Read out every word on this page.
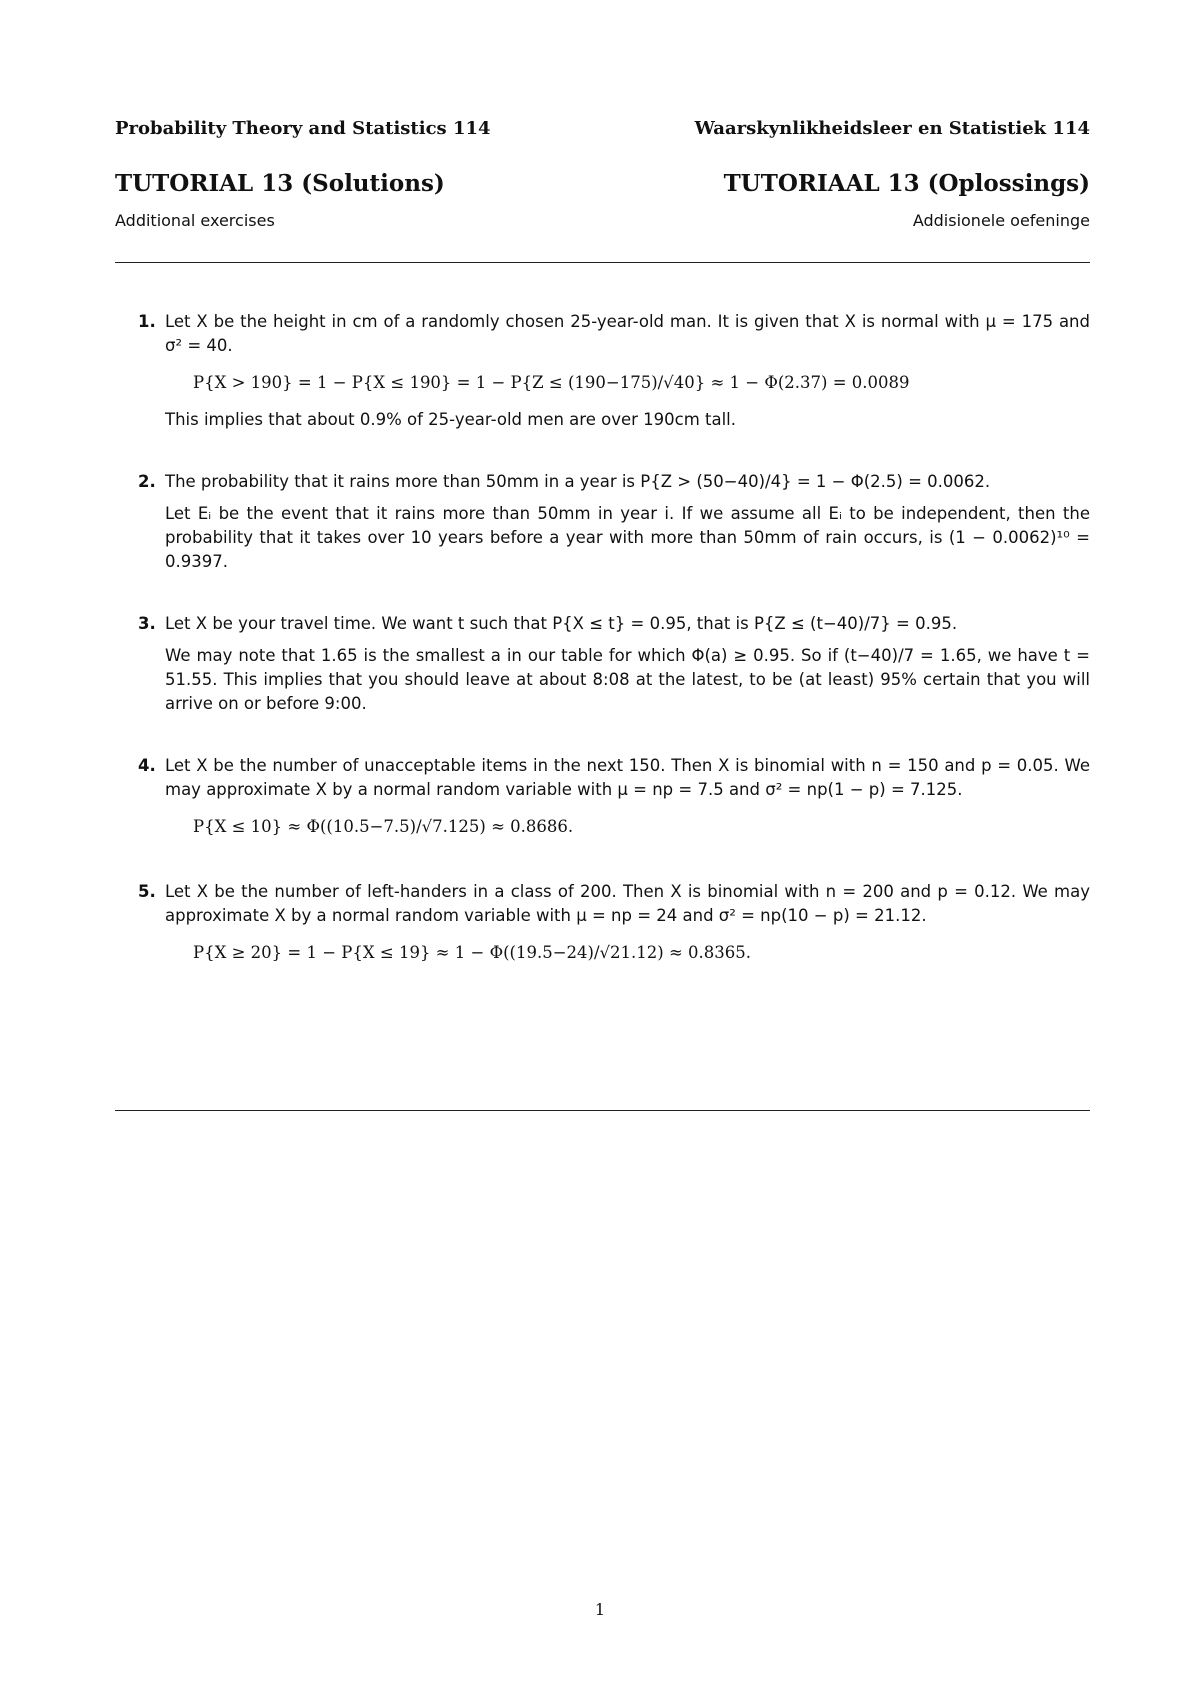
Probability Theory and Statistics 114	Waarskynlikheidsleer en Statistiek 114
TUTORIAL 13 (Solutions)	TUTORIAAL 13 (Oplossings)
Additional exercises	Addisionele oefeninge
1. Let X be the height in cm of a randomly chosen 25-year-old man. It is given that X is normal with μ = 175 and σ² = 40.

P{X > 190} = 1 − P{X ≤ 190} = 1 − P{Z ≤ (190−175)/√40} ≈ 1 − Φ(2.37) = 0.0089

This implies that about 0.9% of 25-year-old men are over 190cm tall.

2. The probability that it rains more than 50mm in a year is P{Z > (50−40)/4} = 1 − Φ(2.5) = 0.0062.

Let Eᵢ be the event that it rains more than 50mm in year i. If we assume all Eᵢ to be independent, then the probability that it takes over 10 years before a year with more than 50mm of rain occurs, is (1 − 0.0062)¹⁰ = 0.9397.

3. Let X be your travel time. We want t such that P{X ≤ t} = 0.95, that is P{Z ≤ (t−40)/7} = 0.95.

We may note that 1.65 is the smallest a in our table for which Φ(a) ≥ 0.95. So if (t−40)/7 = 1.65, we have t = 51.55. This implies that you should leave at about 8:08 at the latest, to be (at least) 95% certain that you will arrive on or before 9:00.

4. Let X be the number of unacceptable items in the next 150. Then X is binomial with n = 150 and p = 0.05. We may approximate X by a normal random variable with μ = np = 7.5 and σ² = np(1 − p) = 7.125.

P{X ≤ 10} ≈ Φ((10.5−7.5)/√7.125) ≈ 0.8686.
5. Let X be the number of left-handers in a class of 200. Then X is binomial with n = 200 and p = 0.12. We may approximate X by a normal random variable with μ = np = 24 and σ² = np(10 − p) = 21.12.

P{X ≥ 20} = 1 − P{X ≤ 19} ≈ 1 − Φ((19.5−24)/√21.12) ≈ 0.8365.
1
